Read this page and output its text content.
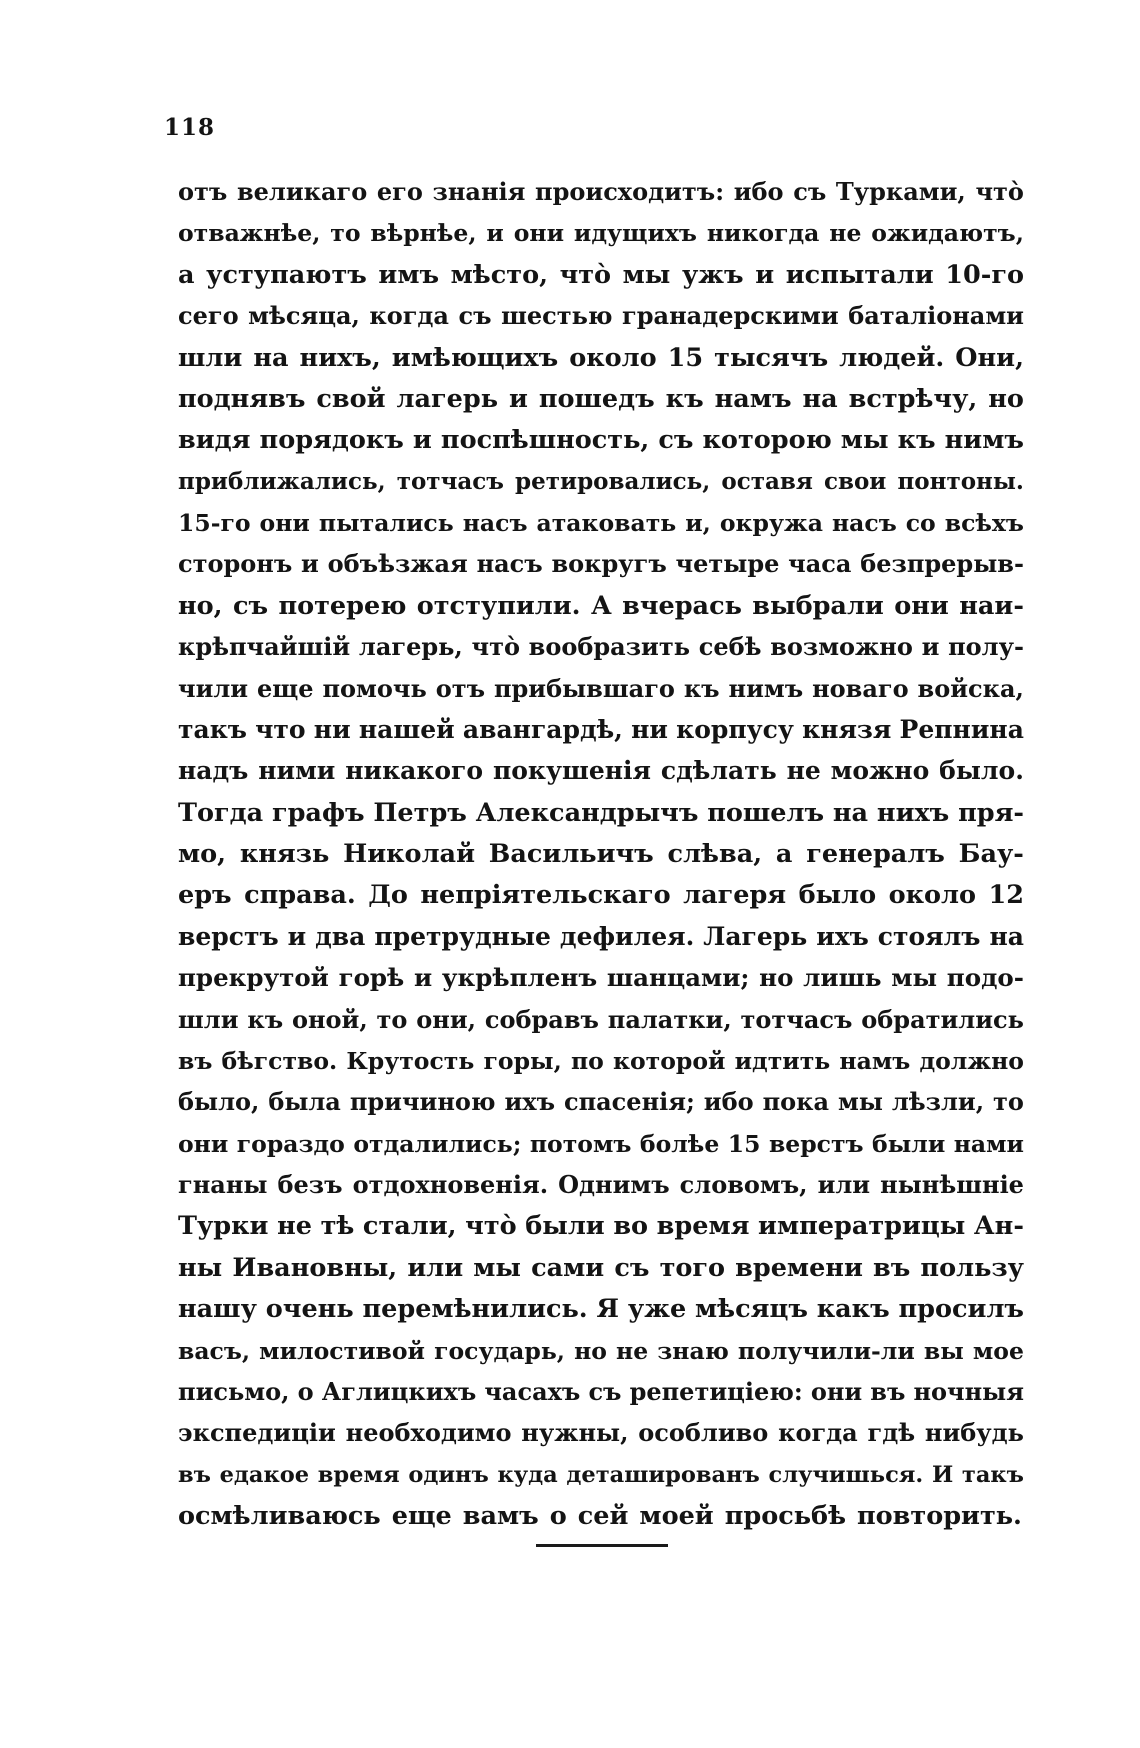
118
отъ великаго его знанія происходитъ: ибо съ Турками, чтò
отважнѣе, то вѣрнѣе, и они идущихъ никогда не ожидаютъ,
а уступаютъ имъ мѣсто, чтò мы ужъ и испытали 10-го
сего мѣсяца, когда съ шестью гранадерскими баталіонами
шли на нихъ, имѣющихъ около 15 тысячъ людей. Они,
поднявъ свой лагерь и пошедъ къ намъ на встрѣчу, но
видя порядокъ и поспѣшность, съ которою мы къ нимъ
приближались, тотчасъ ретировались, оставя свои понтоны.
15-го они пытались насъ атаковать и, окружа насъ со всѣхъ
сторонъ и объѣзжая насъ вокругъ четыре часа безпрерыв-
но, съ потерею отступили. А вчерась выбрали они наи-
крѣпчайшій лагерь, чтò вообразить себѣ возможно и полу-
чили еще помочь отъ прибывшаго къ нимъ новаго войска,
такъ что ни нашей авангардѣ, ни корпусу князя Репнина
надъ ними никакого покушенія сдѣлать не можно было.
Тогда графъ Петръ Александрычъ пошелъ на нихъ пря-
мо, князь Николай Васильичъ слѣва, а генералъ Бау-
еръ справа. До непріятельскаго лагеря было около 12
верстъ и два претрудные дефилея. Лагерь ихъ стоялъ на
прекрутой горѣ и укрѣпленъ шанцами; но лишь мы подо-
шли къ оной, то они, собравъ палатки, тотчасъ обратились
въ бѣгство. Крутость горы, по которой идтить намъ должно
было, была причиною ихъ спасенія; ибо пока мы лѣзли, то
они гораздо отдалились; потомъ болѣе 15 верстъ были нами
гнаны безъ отдохновенія. Однимъ словомъ, или нынѣшніе
Турки не тѣ стали, чтò были во время императрицы Ан-
ны Ивановны, или мы сами съ того времени въ пользу
нашу очень перемѣнились. Я уже мѣсяцъ какъ просилъ
васъ, милостивой государь, но не знаю получили-ли вы мое
письмо, о Аглицкихъ часахъ съ репетиціею: они въ ночныя
экспедиціи необходимо нужны, особливо когда гдѣ нибудь
въ едакое время одинъ куда деташированъ случишься. И такъ
осмѣливаюсь еще вамъ о сей моей просьбѣ повторить.
